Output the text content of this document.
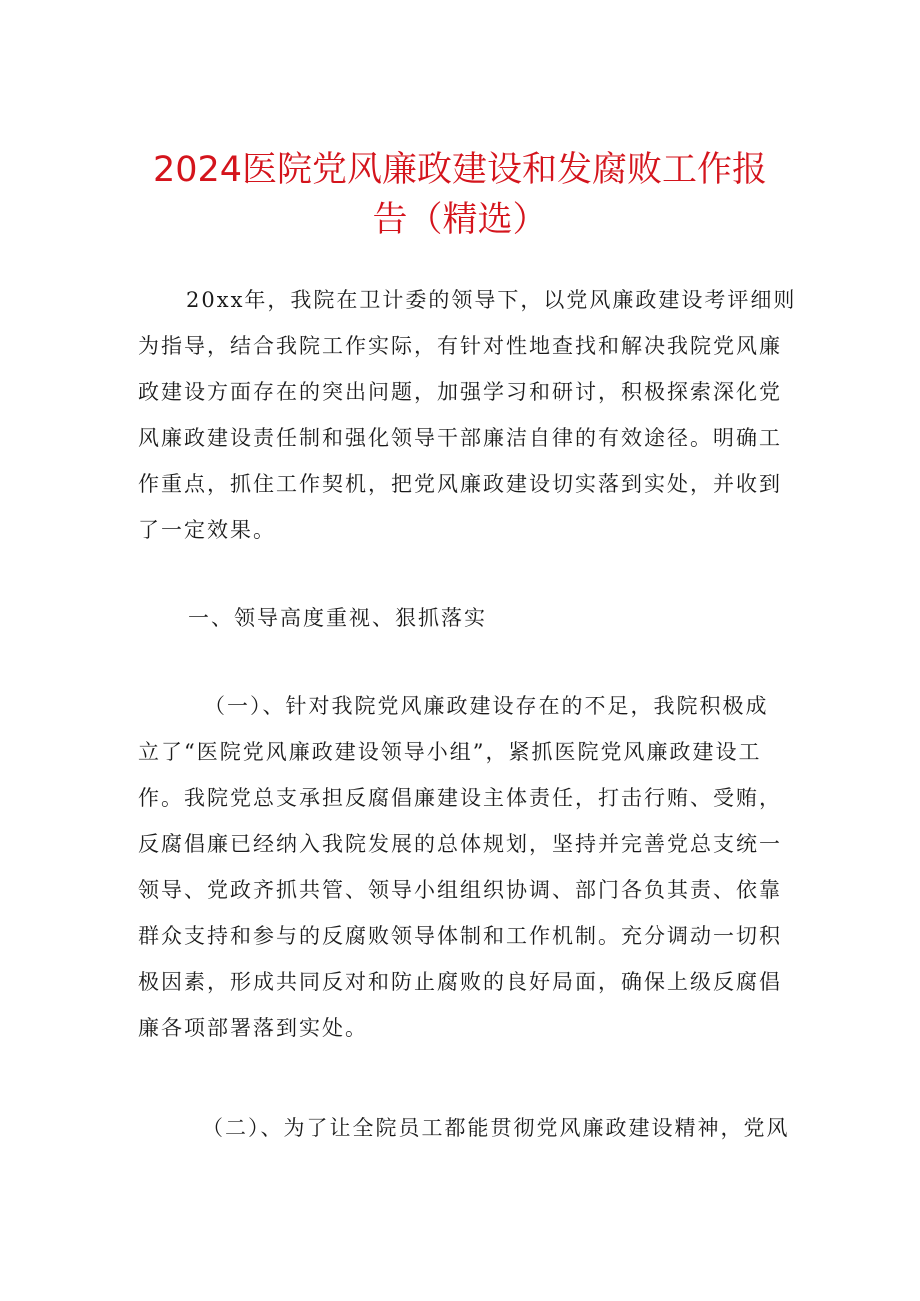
2024医院党风廉政建设和发腐败工作报
告（精选）
20xx年，我院在卫计委的领导下，以党风廉政建设考评细则
为指导，结合我院工作实际，有针对性地查找和解决我院党风廉
政建设方面存在的突出问题，加强学习和研讨，积极探索深化党
风廉政建设责任制和强化领导干部廉洁自律的有效途径。明确工
作重点，抓住工作契机，把党风廉政建设切实落到实处，并收到
了一定效果。
一、领导高度重视、狠抓落实
（一）、针对我院党风廉政建设存在的不足，我院积极成
立了“医院党风廉政建设领导小组”，紧抓医院党风廉政建设工
作。我院党总支承担反腐倡廉建设主体责任，打击行贿、受贿，
反腐倡廉已经纳入我院发展的总体规划，坚持并完善党总支统一
领导、党政齐抓共管、领导小组组织协调、部门各负其责、依靠
群众支持和参与的反腐败领导体制和工作机制。充分调动一切积
极因素，形成共同反对和防止腐败的良好局面，确保上级反腐倡
廉各项部署落到实处。
（二）、为了让全院员工都能贯彻党风廉政建设精神，党风
